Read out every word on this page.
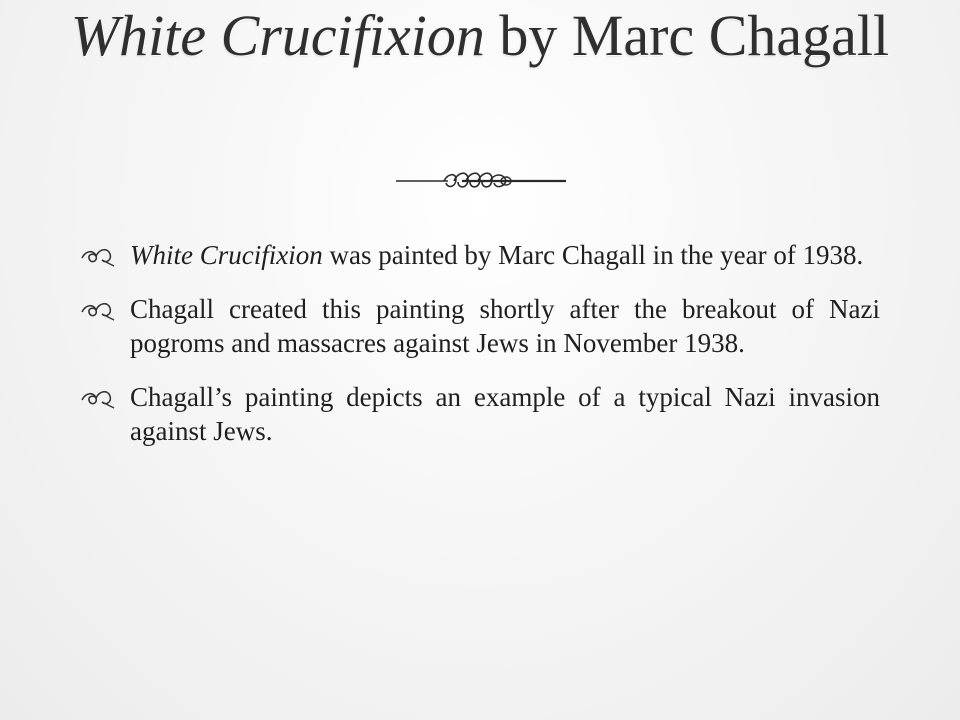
White Crucifixion by Marc Chagall
White Crucifixion was painted by Marc Chagall in the year of 1938.
Chagall created this painting shortly after the breakout of Nazi pogroms and massacres against Jews in November 1938.
Chagall’s painting depicts an example of a typical Nazi invasion against Jews.
